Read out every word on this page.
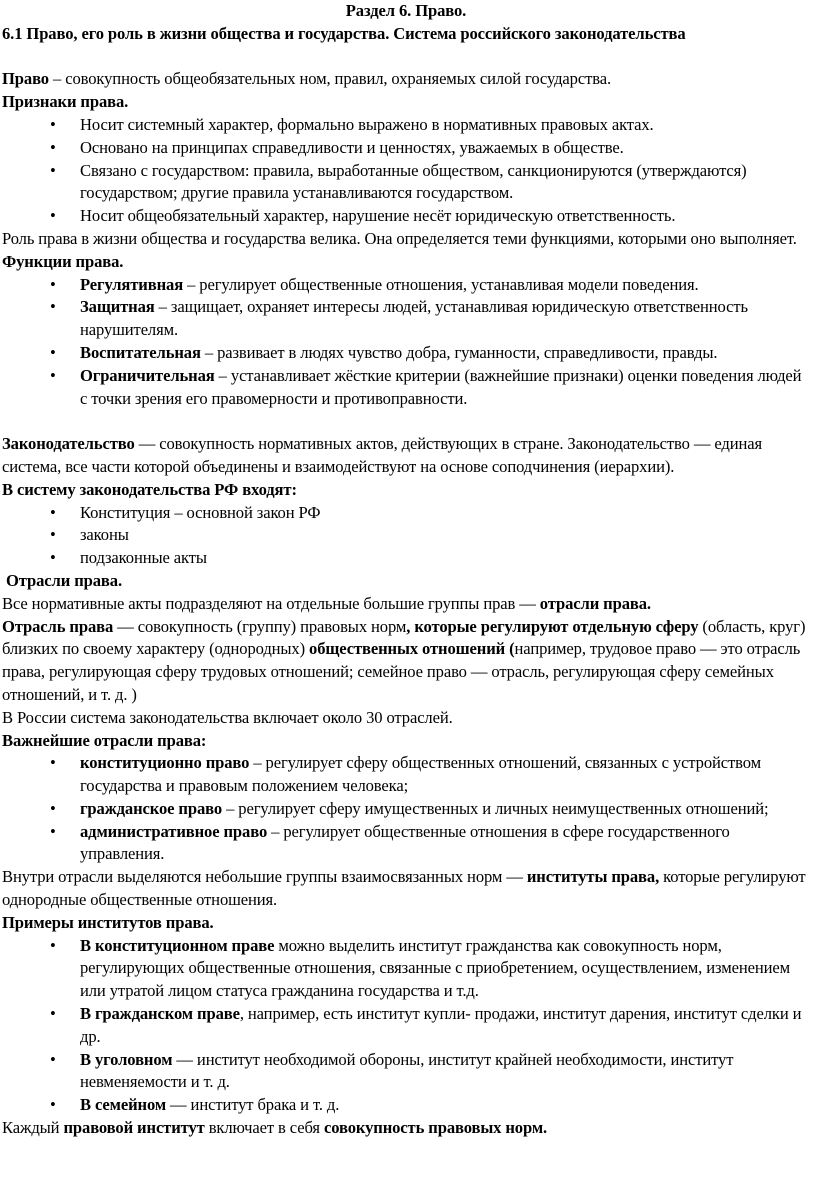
Раздел 6. Право.

6.1 Право, его роль в жизни общества и государства. Система российского законодательства

Право – совокупность общеобязательных ном, правил, охраняемых силой государства.

Признаки права.

• Носит системный характер, формально выражено в нормативных правовых актах.
• Основано на принципах справедливости и ценностях, уважаемых в обществе.
• Связано с государством: правила, выработанные обществом, санкционируются (утверждаются) государством; другие правила устанавливаются государством.
• Носит общеобязательный характер, нарушение несёт юридическую ответственность.

Роль права в жизни общества и государства велика. Она определяется теми функциями, которыми оно выполняет.

Функции права.

• Регулятивная – регулирует общественные отношения, устанавливая модели поведения.
• Защитная – защищает, охраняет интересы людей, устанавливая юридическую ответственность нарушителям.
• Воспитательная – развивает в людях чувство добра, гуманности, справедливости, правды.
• Ограничительная – устанавливает жёсткие критерии (важнейшие признаки) оценки поведения людей с точки зрения его правомерности и противоправности.

Законодательство — совокупность нормативных актов, действующих в стране. Законодательство — единая система, все части которой объединены и взаимодействуют на основе соподчинения (иерархии).

В систему законодательства РФ входят:

• Конституция – основной закон РФ
• законы
• подзаконные акты

Отрасли права.

Все нормативные акты подразделяют на отдельные большие группы прав — отрасли права.

Отрасль права — совокупность (группу) правовых норм, которые регулируют отдельную сферу (область, круг) близких по своему характеру (однородных) общественных отношений (например, трудовое право — это отрасль права, регулирующая сферу трудовых отношений; семейное право — отрасль, регулирующая сферу семейных отношений, и т. д. )

В России система законодательства включает около 30 отраслей.

Важнейшие отрасли права:

• конституционно право – регулирует сферу общественных отношений, связанных с устройством государства и правовым положением человека;
• гражданское право – регулирует сферу имущественных и личных неимущественных отношений;
• административное право – регулирует общественные отношения в сфере государственного управления.

Внутри отрасли выделяются небольшие группы взаимосвязанных норм — институты права, которые регулируют однородные общественные отношения.

Примеры институтов права.

• В конституционном праве можно выделить институт гражданства как совокупность норм, регулирующих общественные отношения, связанные с приобретением, осуществлением, изменением или утратой лицом статуса гражданина государства и т.д.
• В гражданском праве, например, есть институт купли- продажи, институт дарения, институт сделки и др.
• В уголовном — институт необходимой обороны, институт крайней необходимости, институт невменяемости и т. д.
• В семейном — институт брака и т. д.

Каждый правовой институт включает в себя совокупность правовых норм.
